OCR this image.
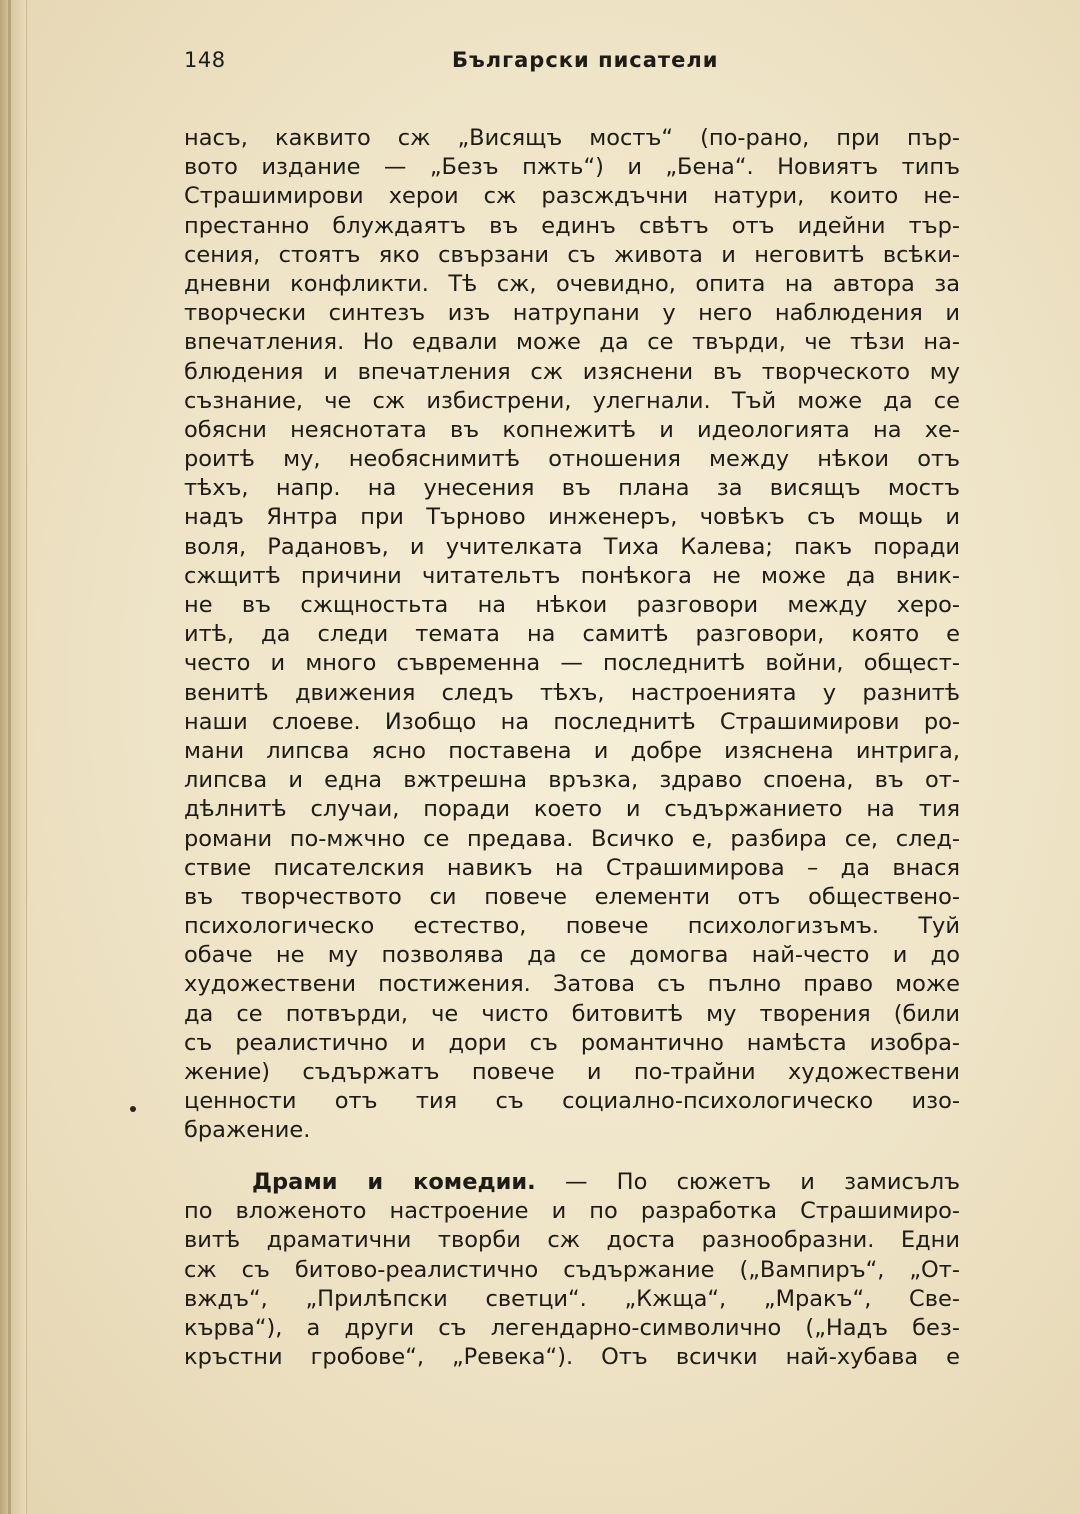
148	Български писатели
насъ, каквито сж „Висящъ мостъ“ (по-рано, при пър-
вото издание — „Безъ пжть“) и „Бена“. Новиятъ типъ
Страшимирови херои сж разсждъчни натури, които не-
престанно блуждаятъ въ единъ свѣтъ отъ идейни тър-
сения, стоятъ яко свързани съ живота и неговитѣ всѣки-
дневни конфликти. Тѣ сж, очевидно, опита на автора за
творчески синтезъ изъ натрупани у него наблюдения и
впечатления. Но едвали може да се твърди, че тѣзи на-
блюдения и впечатления сж изяснени въ творческото му
съзнание, че сж избистрени, улегнали. Тъй може да се
обясни неяснотата въ копнежитѣ и идеологията на хе-
роитѣ му, необяснимитѣ отношения между нѣкои отъ
тѣхъ, напр. на унесения въ плана за висящъ мостъ
надъ Янтра при Търново инженеръ, човѣкъ съ мощь и
воля, Радановъ, и учителката Тиха Калева; пакъ поради
сжщитѣ причини читательтъ понѣкога не може да вник-
не въ сжщностьта на нѣкои разговори между херо-
итѣ, да следи темата на самитѣ разговори, която е
често и много съвременна — последнитѣ войни, общест-
венитѣ движения следъ тѣхъ, настроенията у разнитѣ
наши слоеве. Изобщо на последнитѣ Страшимирови ро-
мани липсва ясно поставена и добре изяснена интрига,
липсва и една вжтрешна връзка, здраво споена, въ от-
дѣлнитѣ случаи, поради което и съдържанието на тия
романи по-мжчно се предава. Всичко е, разбира се, след-
ствие писателския навикъ на Страшимирова – да внася
въ творчеството си повече елементи отъ обществено-
психологическо естество, повече психологизъмъ. Туй
обаче не му позволява да се домогва най-често и до
художествени постижения. Затова съ пълно право може
да се потвърди, че чисто битовитѣ му творения (били
съ реалистично и дори съ романтично намѣста изобра-
жение) съдържатъ повече и по-трайни художествени
ценности отъ тия съ социално-психологическо изо-
бражение.
Драми и комедии. — По сюжетъ и замисълъ
по вложеното настроение и по разработка Страшимиро-
витѣ драматични творби сж доста разнообразни. Едни
сж съ битово-реалистично съдържание („Вампиръ“, „От-
вждъ“, „Прилѣпски светци“. „Кжща“, „Мракъ“, Све-
кърва“), а други съ легендарно-символично („Надъ без-
кръстни гробове“, „Ревека“). Отъ всички най-хубава е
